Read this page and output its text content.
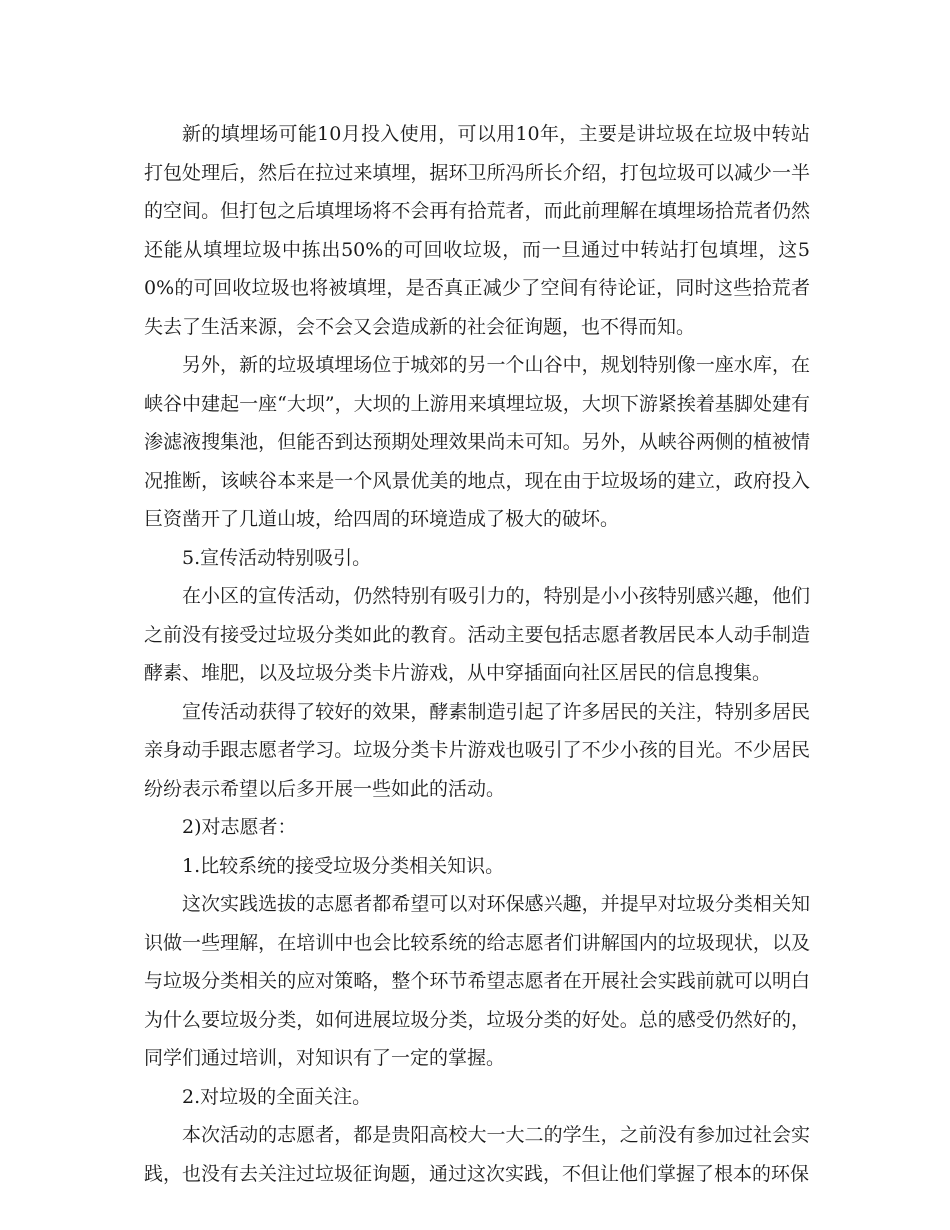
新的填埋场可能10月投入使用，可以用10年，主要是讲垃圾在垃圾中转站打包处理后，然后在拉过来填埋，据环卫所冯所长介绍，打包垃圾可以减少一半的空间。但打包之后填埋场将不会再有拾荒者，而此前理解在填埋场拾荒者仍然还能从填埋垃圾中拣出50%的可回收垃圾，而一旦通过中转站打包填埋，这50%的可回收垃圾也将被填埋，是否真正减少了空间有待论证，同时这些拾荒者失去了生活来源，会不会又会造成新的社会征询题，也不得而知。

另外，新的垃圾填埋场位于城郊的另一个山谷中，规划特别像一座水库，在峡谷中建起一座“大坝”，大坝的上游用来填埋垃圾，大坝下游紧挨着基脚处建有渗滤液搜集池，但能否到达预期处理效果尚未可知。另外，从峡谷两侧的植被情况推断，该峡谷本来是一个风景优美的地点，现在由于垃圾场的建立，政府投入巨资凿开了几道山坡，给四周的环境造成了极大的破坏。

5.宣传活动特别吸引。

在小区的宣传活动，仍然特别有吸引力的，特别是小小孩特别感兴趣，他们之前没有接受过垃圾分类如此的教育。活动主要包括志愿者教居民本人动手制造酵素、堆肥，以及垃圾分类卡片游戏，从中穿插面向社区居民的信息搜集。

宣传活动获得了较好的效果，酵素制造引起了许多居民的关注，特别多居民亲身动手跟志愿者学习。垃圾分类卡片游戏也吸引了不少小孩的目光。不少居民纷纷表示希望以后多开展一些如此的活动。

2)对志愿者：

1.比较系统的接受垃圾分类相关知识。

这次实践选拔的志愿者都希望可以对环保感兴趣，并提早对垃圾分类相关知识做一些理解，在培训中也会比较系统的给志愿者们讲解国内的垃圾现状，以及与垃圾分类相关的应对策略，整个环节希望志愿者在开展社会实践前就可以明白为什么要垃圾分类，如何进展垃圾分类，垃圾分类的好处。总的感受仍然好的，同学们通过培训，对知识有了一定的掌握。

2.对垃圾的全面关注。

本次活动的志愿者，都是贵阳高校大一大二的学生，之前没有参加过社会实践，也没有去关注过垃圾征询题，通过这次实践，不但让他们掌握了根本的环保
